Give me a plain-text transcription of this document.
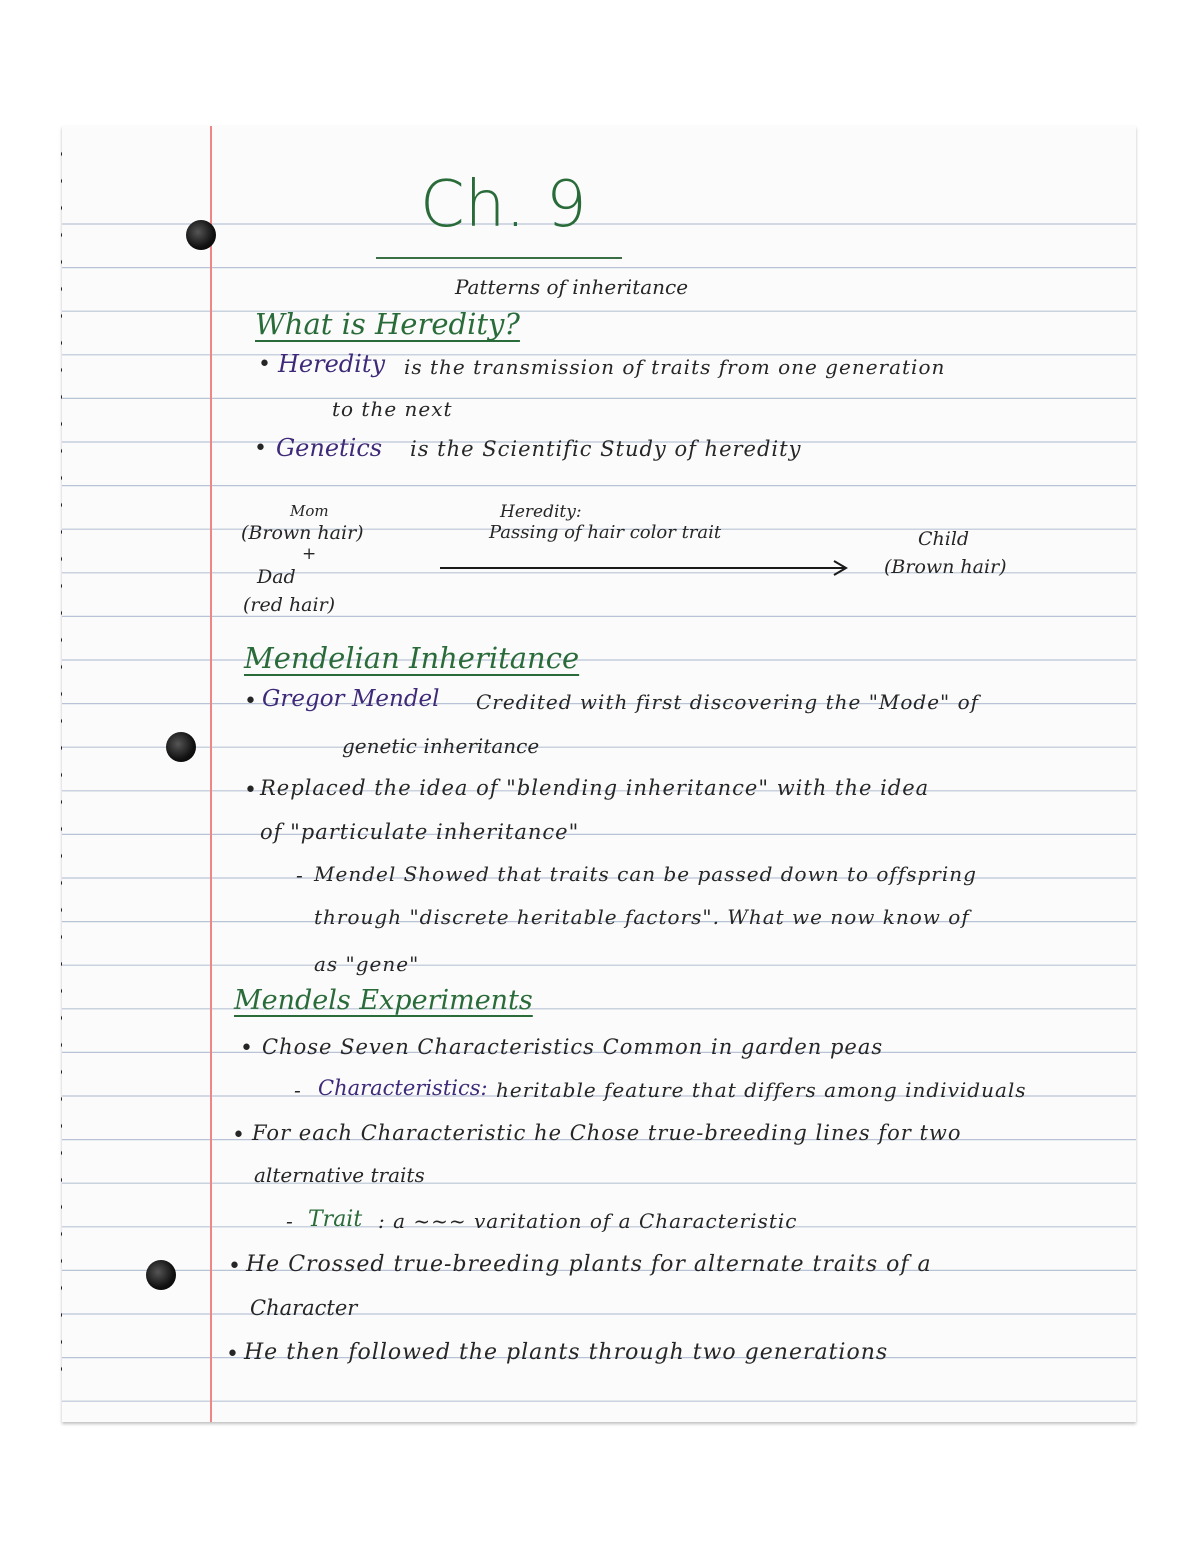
Ch. 9
Patterns of inheritance
What is Heredity?
• Heredity is the transmission of traits from one generation
to the next
• Genetics is the Scientific Study of heredity
Mom
(Brown hair)
+
Dad
(red hair)
Heredity:
Passing of hair color trait	Child
(Brown hair)
Mendelian Inheritance
• Gregor Mendel Credited with first discovering the "Mode" of
genetic inheritance
• Replaced the idea of "blending inheritance" with the idea
of "particulate inheritance"
- Mendel Showed that traits can be passed down to offspring
through "discrete heritable factors". What we now know of
as "gene"
Mendels Experiments
• Chose Seven Characteristics Common in garden peas
- Characteristics: heritable feature that differs among individuals
• For each Characteristic he Chose true-breeding lines for two
alternative traits
- Trait : a ~~~ varitation of a Characteristic
• He Crossed true-breeding plants for alternate traits of a
Character
• He then followed the plants through two generations
